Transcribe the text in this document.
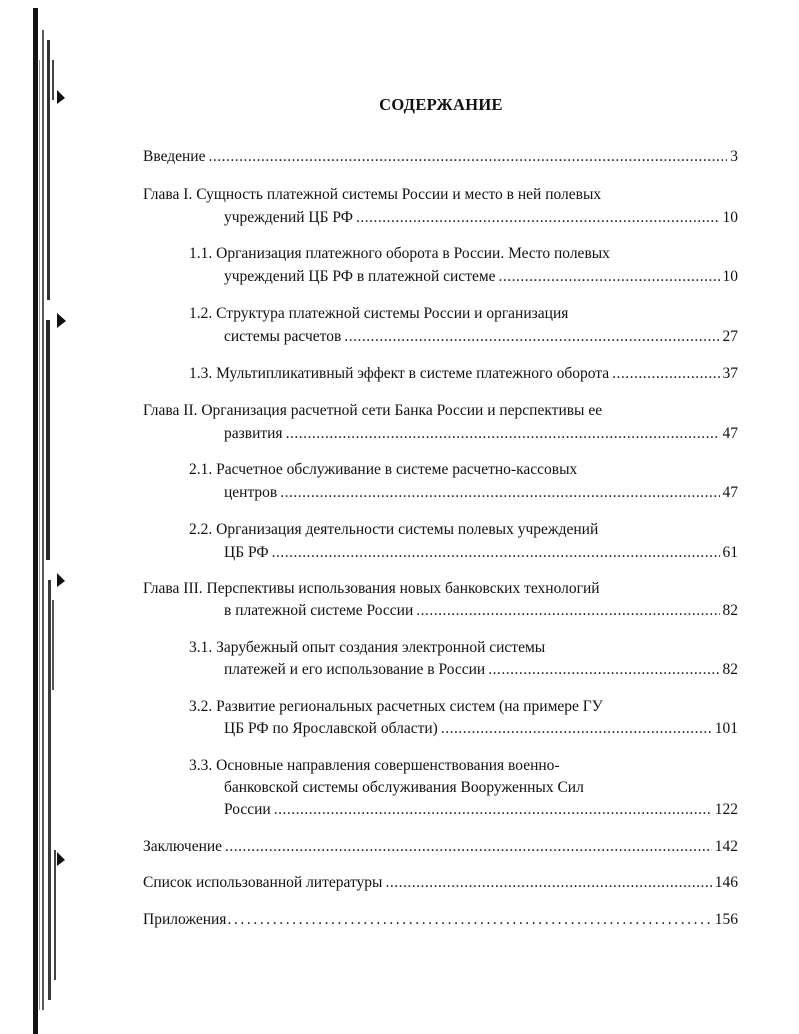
СОДЕРЖАНИЕ
Введение .....	3
Глава I. Сущность платежной системы России и место в ней полевых
учреждений ЦБ РФ .....	10
1.1. Организация платежного оборота в России. Место полевых
учреждений ЦБ РФ в платежной системе .....	10
1.2. Структура платежной системы России и организация
системы расчетов .....	27
1.3. Мультипликативный эффект в системе платежного оборота .....	37
Глава II. Организация расчетной сети Банка России и перспективы ее
развития .....	47
2.1. Расчетное обслуживание в системе расчетно-кассовых
центров .....	47
2.2. Организация деятельности системы полевых учреждений
ЦБ РФ .....	61
Глава III. Перспективы использования новых банковских технологий
в платежной системе России .....	82
3.1. Зарубежный опыт создания электронной системы
платежей и его использование в России .....	82
3.2. Развитие региональных расчетных систем (на примере ГУ
ЦБ РФ по Ярославской области) .....	101
3.3. Основные направления совершенствования военно-
банковской системы обслуживания Вооруженных Сил
России .....	122
Заключение .....	142
Список использованной литературы .....	146
Приложения .....	156
